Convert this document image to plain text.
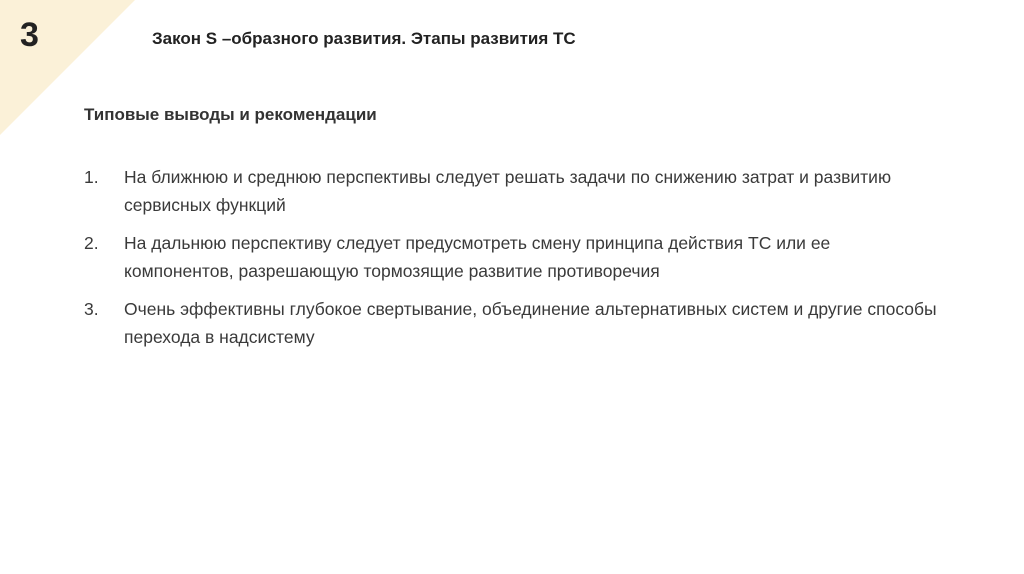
3	Закон S –образного развития. Этапы развития ТС
Типовые выводы и рекомендации
1.	На ближнюю и среднюю перспективы следует решать задачи по снижению затрат и развитию сервисных функций
2.	На дальнюю перспективу следует предусмотреть смену принципа действия ТС или ее компонентов, разрешающую тормозящие развитие противоречия
3.	Очень эффективны глубокое свертывание, объединение альтернативных систем и другие способы перехода в надсистему
